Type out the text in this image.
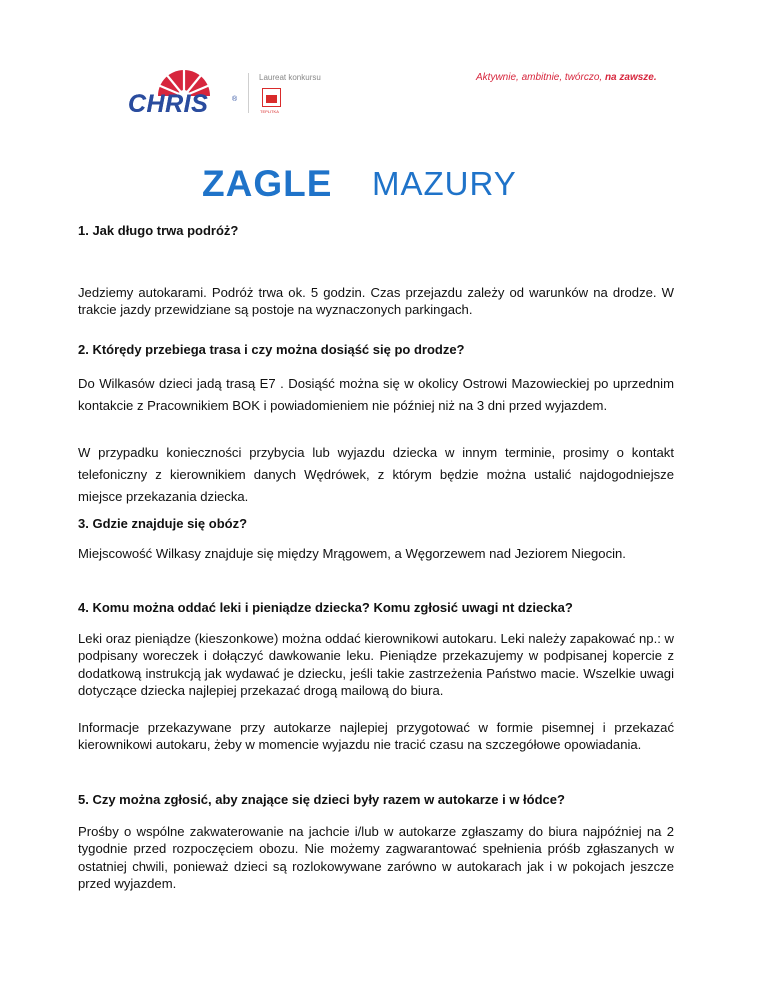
CHRIS	®
Laureat konkursu
TEPLITKA
Aktywnie, ambitnie, twórczo, na zawsze.
ZAGLE MAZURY
1. Jak długo trwa podróż?
Jedziemy autokarami. Podróż trwa ok. 5 godzin. Czas przejazdu zależy od warunków na drodze. W trakcie jazdy przewidziane są postoje na wyznaczonych parkingach.
2. Którędy przebiega trasa i czy można dosiąść się po drodze?
Do Wilkasów dzieci jadą trasą E7 . Dosiąść można się w okolicy Ostrowi Mazowieckiej po uprzednim kontakcie z Pracownikiem BOK i powiadomieniem nie później niż na 3 dni przed wyjazdem.
W przypadku konieczności przybycia lub wyjazdu dziecka w innym terminie, prosimy o kontakt telefoniczny z kierownikiem danych Wędrówek, z którym będzie można ustalić najdogodniejsze miejsce przekazania dziecka.
3. Gdzie znajduje się obóz?
Miejscowość Wilkasy znajduje się między Mrągowem, a Węgorzewem nad Jeziorem Niegocin.
4. Komu można oddać leki i pieniądze dziecka? Komu zgłosić uwagi nt dziecka?
Leki oraz pieniądze (kieszonkowe) można oddać kierownikowi autokaru. Leki należy zapakować np.: w podpisany woreczek i dołączyć dawkowanie leku. Pieniądze przekazujemy w podpisanej kopercie z dodatkową instrukcją jak wydawać je dziecku, jeśli takie zastrzeżenia Państwo macie. Wszelkie uwagi dotyczące dziecka najlepiej przekazać drogą mailową do biura.
Informacje przekazywane przy autokarze najlepiej przygotować w formie pisemnej i przekazać kierownikowi autokaru, żeby w momencie wyjazdu nie tracić czasu na szczegółowe opowiadania.
5. Czy można zgłosić, aby znające się dzieci były razem w autokarze i w łódce?
Prośby o wspólne zakwaterowanie na jachcie i/lub w autokarze zgłaszamy do biura najpóźniej na 2 tygodnie przed rozpoczęciem obozu. Nie możemy zagwarantować spełnienia próśb zgłaszanych w ostatniej chwili, ponieważ dzieci są rozlokowywane zarówno w autokarach jak i w pokojach jeszcze przed wyjazdem.
